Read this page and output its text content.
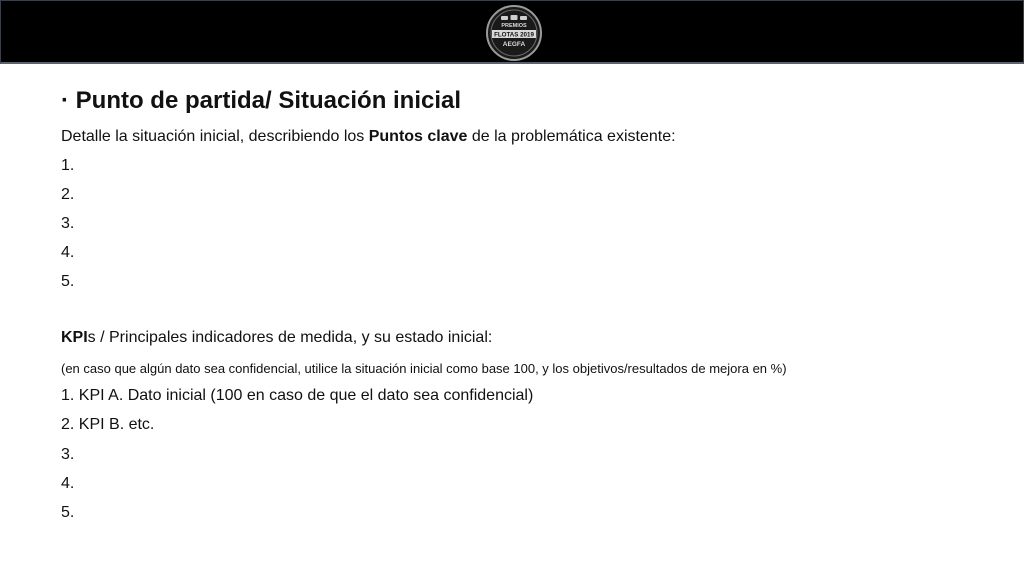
PREMIOS
FLOTAS 2019
AEGFA
· Punto de partida/ Situación inicial
Detalle la situación inicial, describiendo los Puntos clave de la problemática existente:
1.
2.
3.
4.
5.
KPIs / Principales indicadores de medida, y su estado inicial:
(en caso que algún dato sea confidencial, utilice la situación inicial como base 100, y los objetivos/resultados de mejora en %)
1. KPI A. Dato inicial (100 en caso de que el dato sea confidencial)
2. KPI B. etc.
3.
4.
5.
